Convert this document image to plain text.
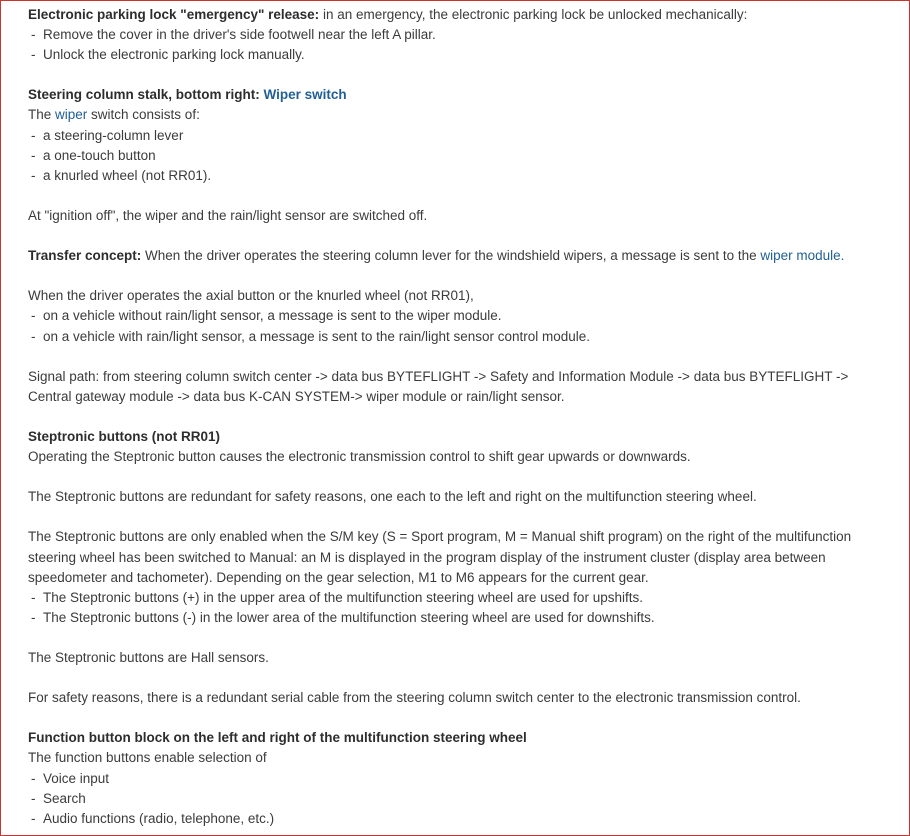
Electronic parking lock "emergency" release: in an emergency, the electronic parking lock be unlocked mechanically:
- Remove the cover in the driver's side footwell near the left A pillar.
- Unlock the electronic parking lock manually.
Steering column stalk, bottom right: Wiper switch
The wiper switch consists of:
- a steering-column lever
- a one-touch button
- a knurled wheel (not RR01).
At "ignition off", the wiper and the rain/light sensor are switched off.
Transfer concept: When the driver operates the steering column lever for the windshield wipers, a message is sent to the wiper module.
When the driver operates the axial button or the knurled wheel (not RR01),
- on a vehicle without rain/light sensor, a message is sent to the wiper module.
- on a vehicle with rain/light sensor, a message is sent to the rain/light sensor control module.
Signal path: from steering column switch center -> data bus BYTEFLIGHT -> Safety and Information Module -> data bus BYTEFLIGHT ->
Central gateway module -> data bus K-CAN SYSTEM-> wiper module or rain/light sensor.
Steptronic buttons (not RR01)
Operating the Steptronic button causes the electronic transmission control to shift gear upwards or downwards.
The Steptronic buttons are redundant for safety reasons, one each to the left and right on the multifunction steering wheel.
The Steptronic buttons are only enabled when the S/M key (S = Sport program, M = Manual shift program) on the right of the multifunction
steering wheel has been switched to Manual: an M is displayed in the program display of the instrument cluster (display area between
speedometer and tachometer). Depending on the gear selection, M1 to M6 appears for the current gear.
- The Steptronic buttons (+) in the upper area of the multifunction steering wheel are used for upshifts.
- The Steptronic buttons (-) in the lower area of the multifunction steering wheel are used for downshifts.
The Steptronic buttons are Hall sensors.
For safety reasons, there is a redundant serial cable from the steering column switch center to the electronic transmission control.
Function button block on the left and right of the multifunction steering wheel
The function buttons enable selection of
- Voice input
- Search
- Audio functions (radio, telephone, etc.)
